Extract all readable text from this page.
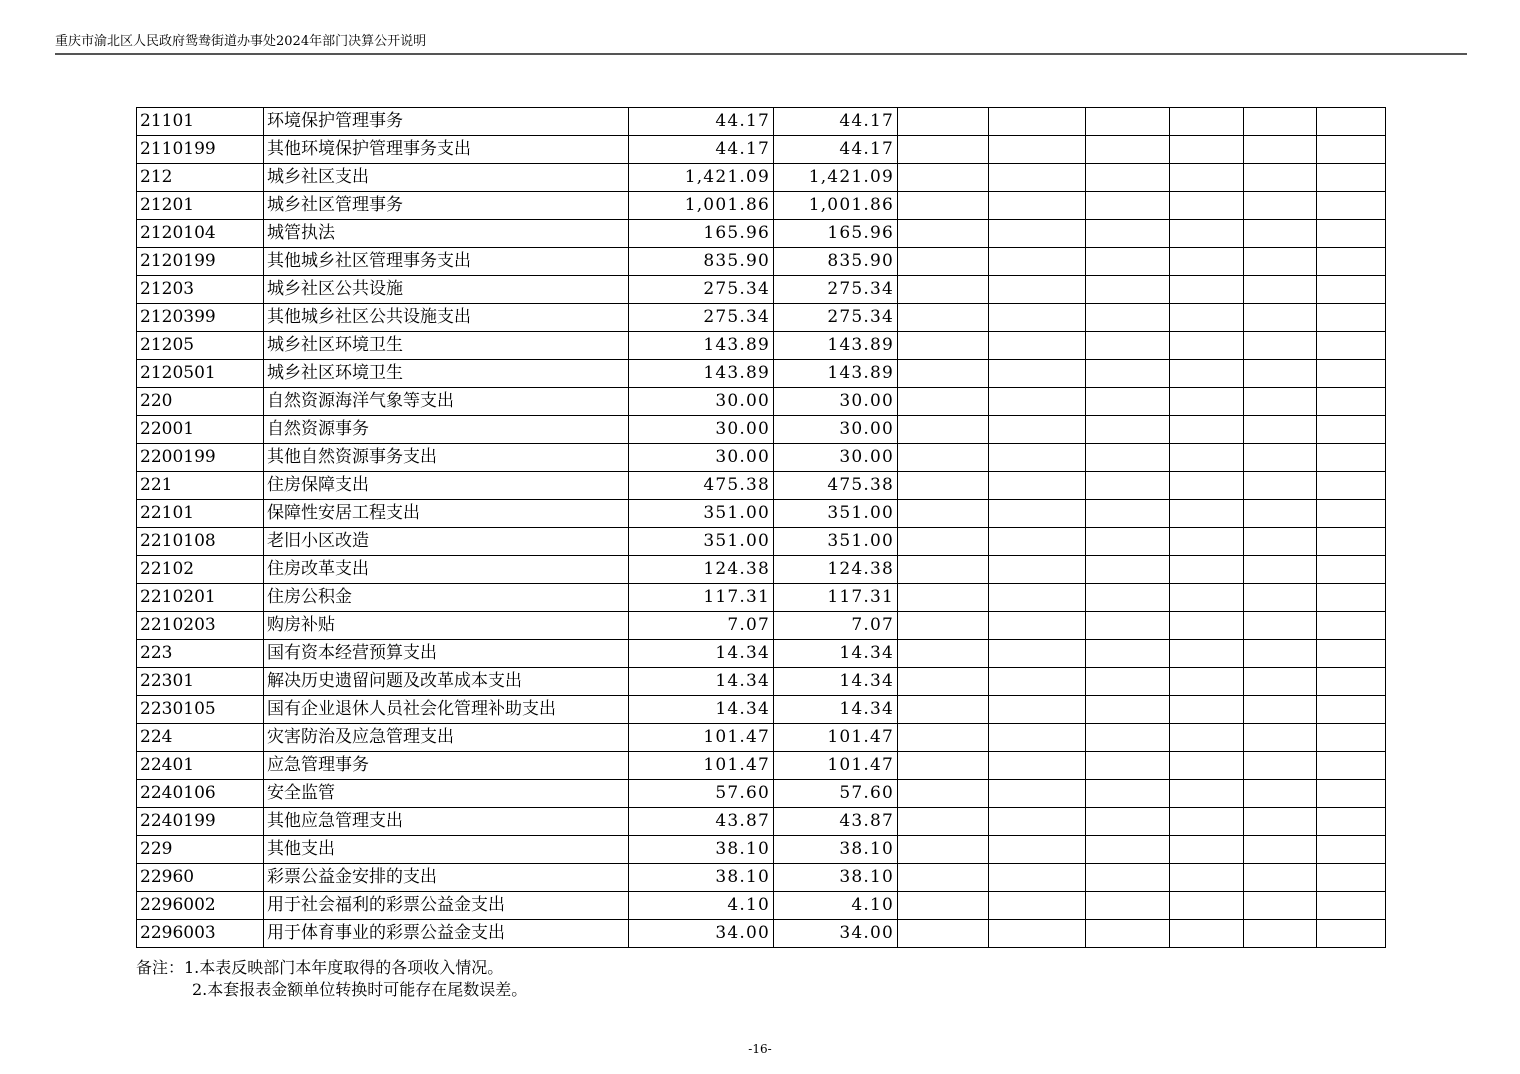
重庆市渝北区人民政府鸳鸯街道办事处2024年部门决算公开说明
21101	环境保护管理事务	44.17	44.17						
2110199	其他环境保护管理事务支出	44.17	44.17						
212	城乡社区支出	1,421.09	1,421.09						
21201	城乡社区管理事务	1,001.86	1,001.86						
2120104	城管执法	165.96	165.96						
2120199	其他城乡社区管理事务支出	835.90	835.90						
21203	城乡社区公共设施	275.34	275.34						
2120399	其他城乡社区公共设施支出	275.34	275.34						
21205	城乡社区环境卫生	143.89	143.89						
2120501	城乡社区环境卫生	143.89	143.89						
220	自然资源海洋气象等支出	30.00	30.00						
22001	自然资源事务	30.00	30.00						
2200199	其他自然资源事务支出	30.00	30.00						
221	住房保障支出	475.38	475.38						
22101	保障性安居工程支出	351.00	351.00						
2210108	老旧小区改造	351.00	351.00						
22102	住房改革支出	124.38	124.38						
2210201	住房公积金	117.31	117.31						
2210203	购房补贴	7.07	7.07						
223	国有资本经营预算支出	14.34	14.34						
22301	解决历史遗留问题及改革成本支出	14.34	14.34						
2230105	国有企业退休人员社会化管理补助支出	14.34	14.34						
224	灾害防治及应急管理支出	101.47	101.47						
22401	应急管理事务	101.47	101.47						
2240106	安全监管	57.60	57.60						
2240199	其他应急管理支出	43.87	43.87						
229	其他支出	38.10	38.10						
22960	彩票公益金安排的支出	38.10	38.10						
2296002	用于社会福利的彩票公益金支出	4.10	4.10						
2296003	用于体育事业的彩票公益金支出	34.00	34.00						
备注：1.本表反映部门本年度取得的各项收入情况。
2.本套报表金额单位转换时可能存在尾数误差。
-16-
